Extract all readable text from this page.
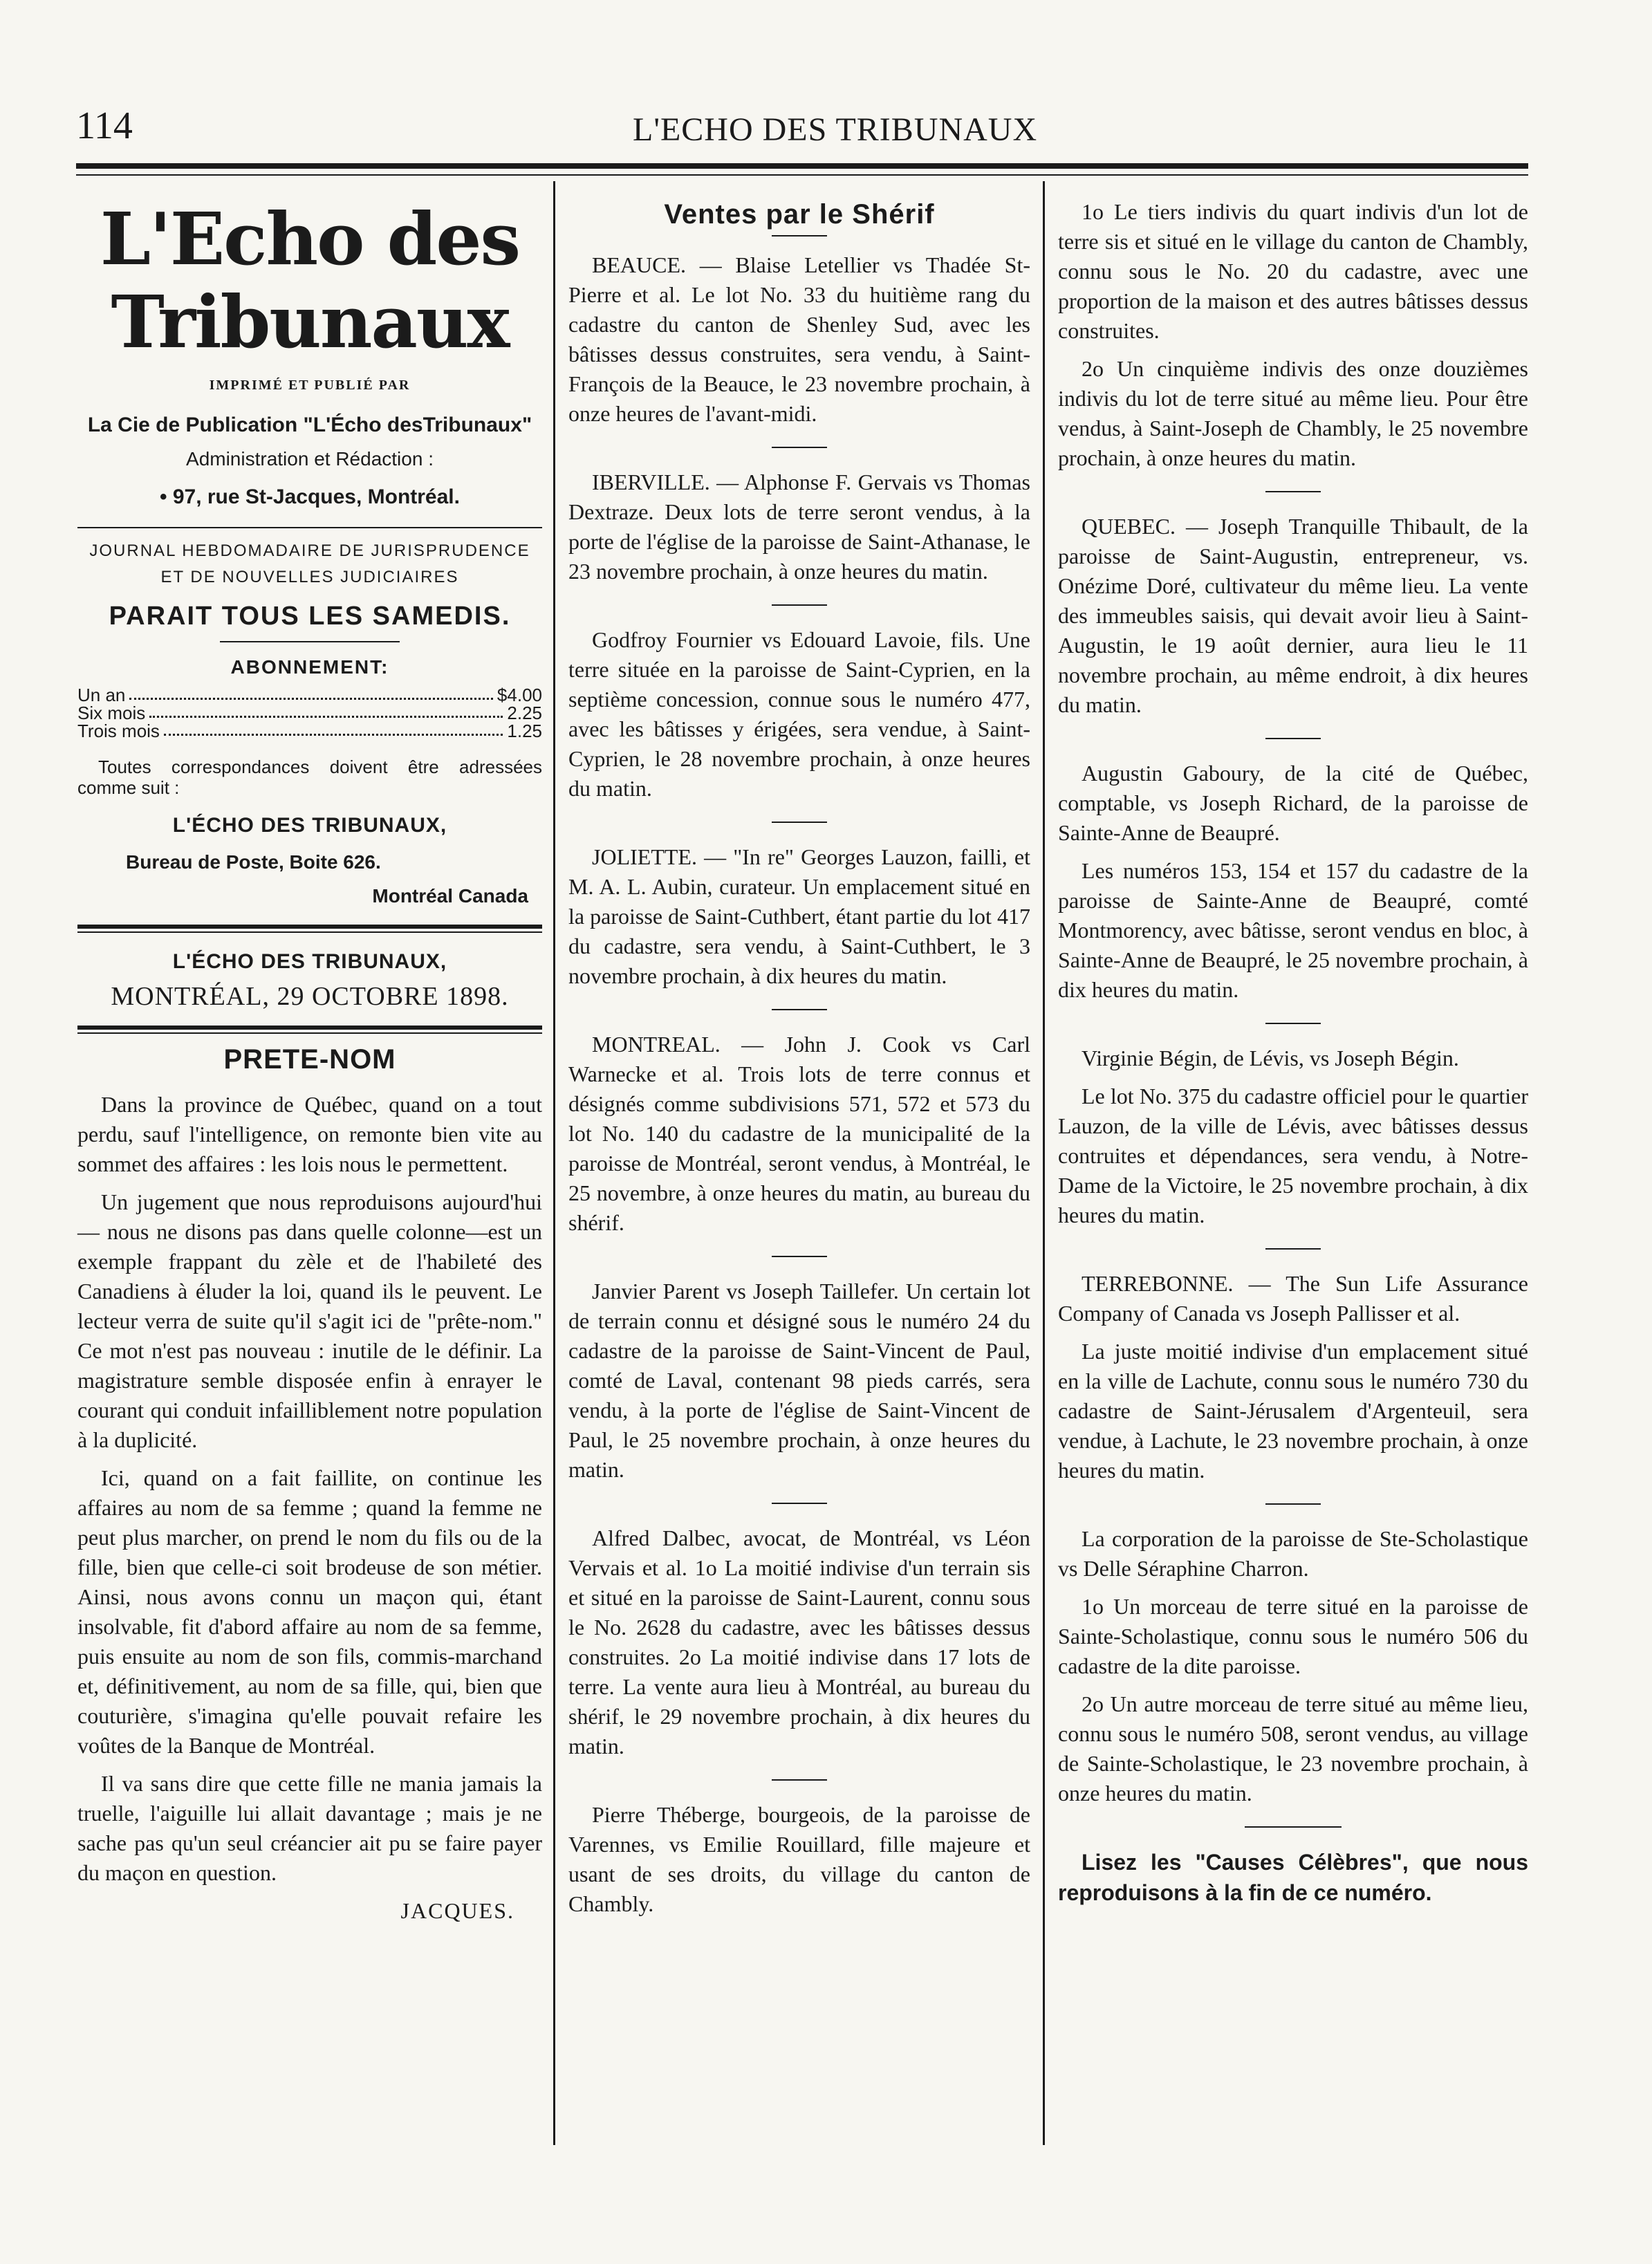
114	L'ECHO DES TRIBUNAUX
L'Echo des Tribunaux
IMPRIMÉ ET PUBLIÉ PAR
La Cie de Publication "L'Écho desTribunaux"
Administration et Rédaction :
• 97, rue St-Jacques, Montréal.
JOURNAL HEBDOMADAIRE DE JURISPRUDENCE
ET DE NOUVELLES JUDICIAIRES
PARAIT TOUS LES SAMEDIS.
ABONNEMENT:
Un an	$4.00
Six mois	2.25
Trois mois	1.25
Toutes correspondances doivent être adressées comme suit :
L'ÉCHO DES TRIBUNAUX,
Bureau de Poste, Boite 626.
Montréal Canada
L'ÉCHO DES TRIBUNAUX,
MONTRÉAL, 29 OCTOBRE 1898.
PRETE-NOM

Dans la province de Québec, quand on a tout perdu, sauf l'intelligence, on remonte bien vite au sommet des affaires : les lois nous le permettent.

Un jugement que nous reproduisons aujourd'hui — nous ne disons pas dans quelle colonne—est un exemple frappant du zèle et de l'habileté des Canadiens à éluder la loi, quand ils le peuvent. Le lecteur verra de suite qu'il s'agit ici de "prête-nom." Ce mot n'est pas nouveau : inutile de le définir. La magistrature semble disposée enfin à enrayer le courant qui conduit infailliblement notre population à la duplicité.

Ici, quand on a fait faillite, on continue les affaires au nom de sa femme ; quand la femme ne peut plus marcher, on prend le nom du fils ou de la fille, bien que celle-ci soit brodeuse de son métier. Ainsi, nous avons connu un maçon qui, étant insolvable, fit d'abord affaire au nom de sa femme, puis ensuite au nom de son fils, commis-marchand et, définitivement, au nom de sa fille, qui, bien que couturière, s'imagina qu'elle pouvait refaire les voûtes de la Banque de Montréal.

Il va sans dire que cette fille ne mania jamais la truelle, l'aiguille lui allait davantage ; mais je ne sache pas qu'un seul créancier ait pu se faire payer du maçon en question.

JACQUES.
Ventes par le Shérif

BEAUCE. — Blaise Letellier vs Thadée St-Pierre et al. Le lot No. 33 du huitième rang du cadastre du canton de Shenley Sud, avec les bâtisses dessus construites, sera vendu, à Saint-François de la Beauce, le 23 novembre prochain, à onze heures de l'avant-midi.

IBERVILLE. — Alphonse F. Gervais vs Thomas Dextraze. Deux lots de terre seront vendus, à la porte de l'église de la paroisse de Saint-Athanase, le 23 novembre prochain, à onze heures du matin.

Godfroy Fournier vs Edouard Lavoie, fils. Une terre située en la paroisse de Saint-Cyprien, en la septième concession, connue sous le numéro 477, avec les bâtisses y érigées, sera vendue, à Saint-Cyprien, le 28 novembre prochain, à onze heures du matin.

JOLIETTE. — "In re" Georges Lauzon, failli, et M. A. L. Aubin, curateur. Un emplacement situé en la paroisse de Saint-Cuthbert, étant partie du lot 417 du cadastre, sera vendu, à Saint-Cuthbert, le 3 novembre prochain, à dix heures du matin.

MONTREAL. — John J. Cook vs Carl Warnecke et al. Trois lots de terre connus et désignés comme subdivisions 571, 572 et 573 du lot No. 140 du cadastre de la municipalité de la paroisse de Montréal, seront vendus, à Montréal, le 25 novembre, à onze heures du matin, au bureau du shérif.

Janvier Parent vs Joseph Taillefer. Un certain lot de terrain connu et désigné sous le numéro 24 du cadastre de la paroisse de Saint-Vincent de Paul, comté de Laval, contenant 98 pieds carrés, sera vendu, à la porte de l'église de Saint-Vincent de Paul, le 25 novembre prochain, à onze heures du matin.

Alfred Dalbec, avocat, de Montréal, vs Léon Vervais et al. 1o La moitié indivise d'un terrain sis et situé en la paroisse de Saint-Laurent, connu sous le No. 2628 du cadastre, avec les bâtisses dessus construites. 2o La moitié indivise dans 17 lots de terre. La vente aura lieu à Montréal, au bureau du shérif, le 29 novembre prochain, à dix heures du matin.

Pierre Théberge, bourgeois, de la paroisse de Varennes, vs Emilie Rouillard, fille majeure et usant de ses droits, du village du canton de Chambly.

1o Le tiers indivis du quart indivis d'un lot de terre sis et situé en le village du canton de Chambly, connu sous le No. 20 du cadastre, avec une proportion de la maison et des autres bâtisses dessus construites.

2o Un cinquième indivis des onze douzièmes indivis du lot de terre situé au même lieu. Pour être vendus, à Saint-Joseph de Chambly, le 25 novembre prochain, à onze heures du matin.

QUEBEC. — Joseph Tranquille Thibault, de la paroisse de Saint-Augustin, entrepreneur, vs. Onézime Doré, cultivateur du même lieu. La vente des immeubles saisis, qui devait avoir lieu à Saint-Augustin, le 19 août dernier, aura lieu le 11 novembre prochain, au même endroit, à dix heures du matin.

Augustin Gaboury, de la cité de Québec, comptable, vs Joseph Richard, de la paroisse de Sainte-Anne de Beaupré.

Les numéros 153, 154 et 157 du cadastre de la paroisse de Sainte-Anne de Beaupré, comté Montmorency, avec bâtisse, seront vendus en bloc, à Sainte-Anne de Beaupré, le 25 novembre prochain, à dix heures du matin.

Virginie Bégin, de Lévis, vs Joseph Bégin.

Le lot No. 375 du cadastre officiel pour le quartier Lauzon, de la ville de Lévis, avec bâtisses dessus contruites et dépendances, sera vendu, à Notre-Dame de la Victoire, le 25 novembre prochain, à dix heures du matin.

TERREBONNE. — The Sun Life Assurance Company of Canada vs Joseph Pallisser et al.

La juste moitié indivise d'un emplacement situé en la ville de Lachute, connu sous le numéro 730 du cadastre de Saint-Jérusalem d'Argenteuil, sera vendue, à Lachute, le 23 novembre prochain, à onze heures du matin.

La corporation de la paroisse de Ste-Scholastique vs Delle Séraphine Charron.

1o Un morceau de terre situé en la paroisse de Sainte-Scholastique, connu sous le numéro 506 du cadastre de la dite paroisse.

2o Un autre morceau de terre situé au même lieu, connu sous le numéro 508, seront vendus, au village de Sainte-Scholastique, le 23 novembre prochain, à onze heures du matin.

Lisez les "Causes Célèbres", que nous reproduisons à la fin de ce numéro.
